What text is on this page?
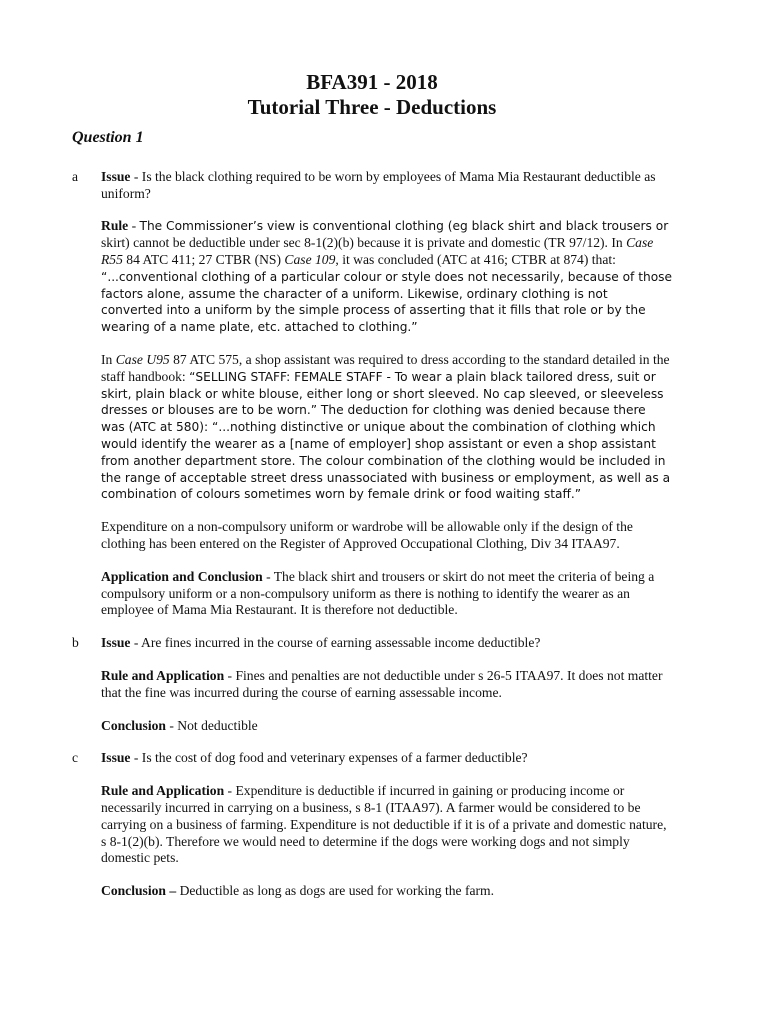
BFA391 - 2018
Tutorial Three - Deductions
Question 1
a Issue - Is the black clothing required to be worn by employees of Mama Mia Restaurant deductible as uniform?

Rule - The Commissioner’s view is conventional clothing (eg black shirt and black trousers or skirt) cannot be deductible under sec 8-1(2)(b) because it is private and domestic (TR 97/12). In Case R55 84 ATC 411; 27 CTBR (NS) Case 109, it was concluded (ATC at 416; CTBR at 874) that:
“...conventional clothing of a particular colour or style does not necessarily, because of those factors alone, assume the character of a uniform. Likewise, ordinary clothing is not converted into a uniform by the simple process of asserting that it fills that role or by the wearing of a name plate, etc. attached to clothing.”

In Case U95 87 ATC 575, a shop assistant was required to dress according to the standard detailed in the staff handbook: “SELLING STAFF: FEMALE STAFF - To wear a plain black tailored dress, suit or skirt, plain black or white blouse, either long or short sleeved. No cap sleeved, or sleeveless dresses or blouses are to be worn.” The deduction for clothing was denied because there was (ATC at 580): “...nothing distinctive or unique about the combination of clothing which would identify the wearer as a [name of employer] shop assistant or even a shop assistant from another department store. The colour combination of the clothing would be included in the range of acceptable street dress unassociated with business or employment, as well as a combination of colours sometimes worn by female drink or food waiting staff.”

Expenditure on a non-compulsory uniform or wardrobe will be allowable only if the design of the clothing has been entered on the Register of Approved Occupational Clothing, Div 34 ITAA97.

Application and Conclusion - The black shirt and trousers or skirt do not meet the criteria of being a compulsory uniform or a non-compulsory uniform as there is nothing to identify the wearer as an employee of Mama Mia Restaurant. It is therefore not deductible.

b Issue - Are fines incurred in the course of earning assessable income deductible?

Rule and Application - Fines and penalties are not deductible under s 26-5 ITAA97. It does not matter that the fine was incurred during the course of earning assessable income.

Conclusion - Not deductible

c Issue - Is the cost of dog food and veterinary expenses of a farmer deductible?

Rule and Application - Expenditure is deductible if incurred in gaining or producing income or necessarily incurred in carrying on a business, s 8-1 (ITAA97). A farmer would be considered to be carrying on a business of farming. Expenditure is not deductible if it is of a private and domestic nature, s 8-1(2)(b). Therefore we would need to determine if the dogs were working dogs and not simply domestic pets.

Conclusion – Deductible as long as dogs are used for working the farm.
